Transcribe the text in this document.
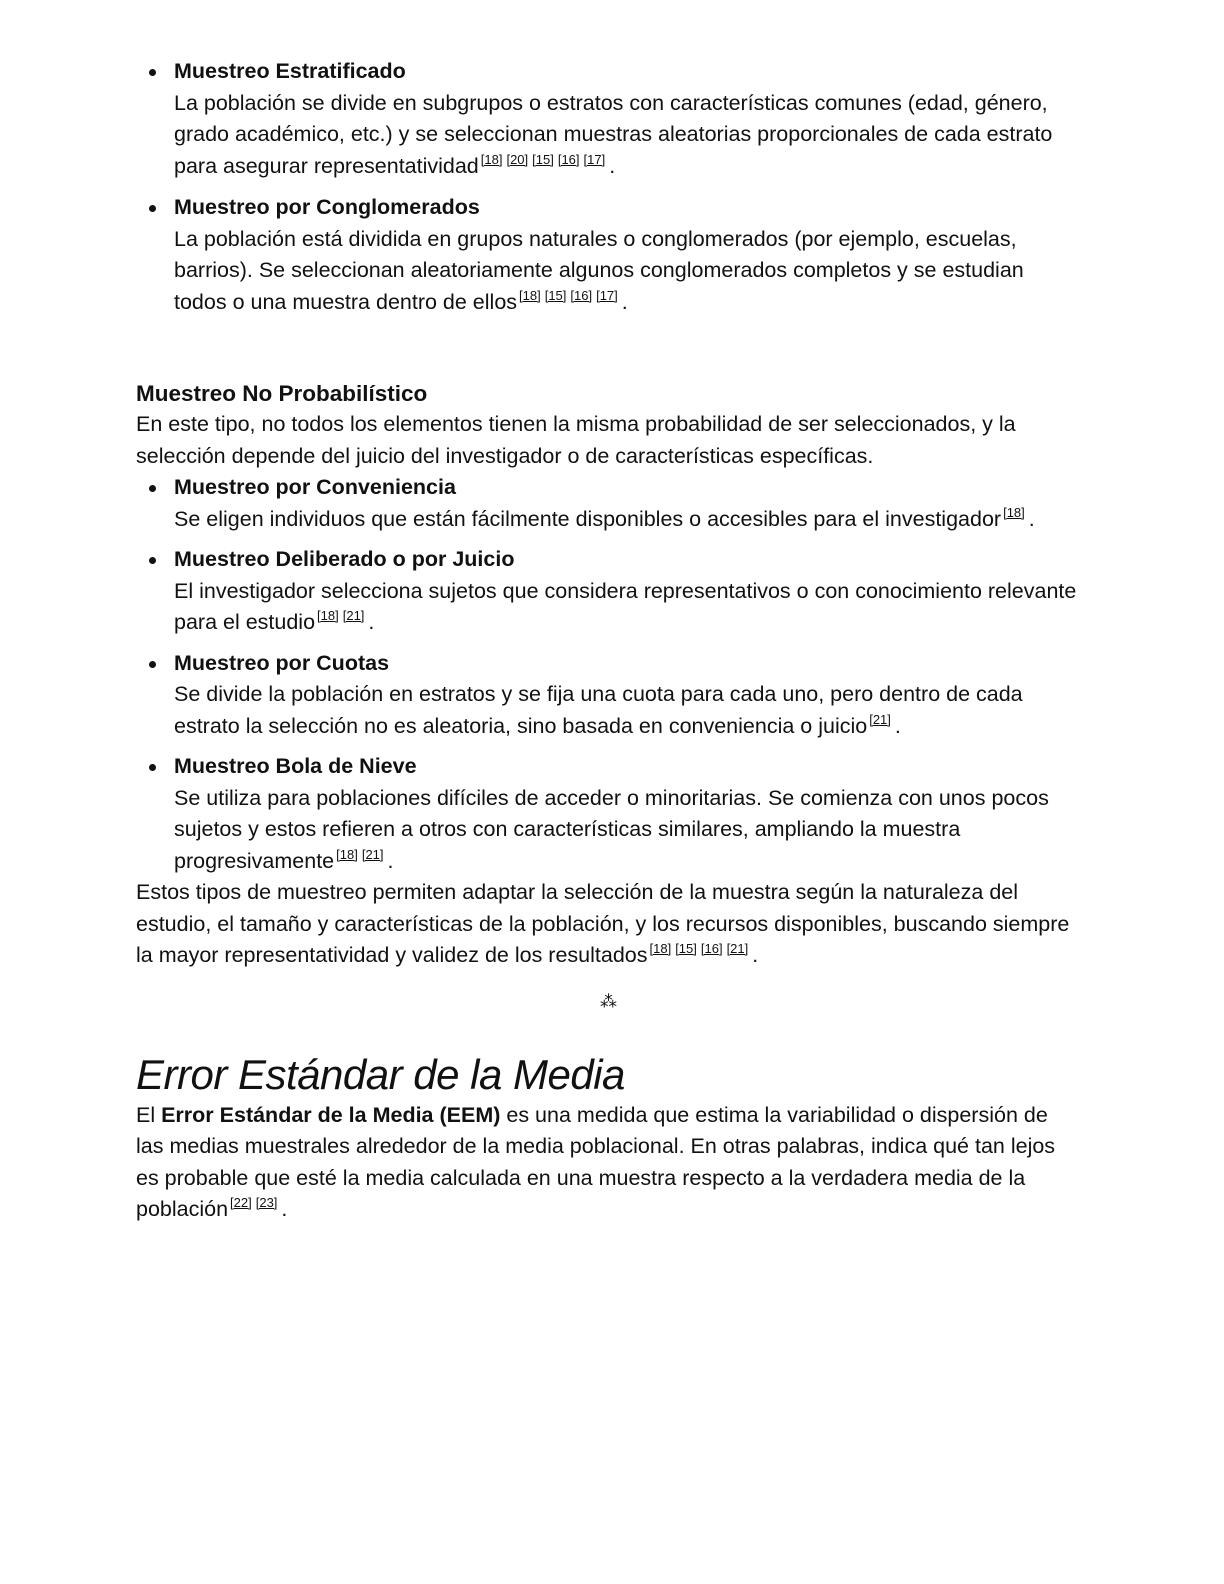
Muestreo Estratificado
La población se divide en subgrupos o estratos con características comunes (edad, género, grado académico, etc.) y se seleccionan muestras aleatorias proporcionales de cada estrato para asegurar representatividad [18] [20] [15] [16] [17] .
Muestreo por Conglomerados
La población está dividida en grupos naturales o conglomerados (por ejemplo, escuelas, barrios). Se seleccionan aleatoriamente algunos conglomerados completos y se estudian todos o una muestra dentro de ellos [18] [15] [16] [17] .
Muestreo No Probabilístico

En este tipo, no todos los elementos tienen la misma probabilidad de ser seleccionados, y la selección depende del juicio del investigador o de características específicas.

Muestreo por Conveniencia
Se eligen individuos que están fácilmente disponibles o accesibles para el investigador [18] .
Muestreo Deliberado o por Juicio
El investigador selecciona sujetos que considera representativos o con conocimiento relevante para el estudio [18] [21] .
Muestreo por Cuotas
Se divide la población en estratos y se fija una cuota para cada uno, pero dentro de cada estrato la selección no es aleatoria, sino basada en conveniencia o juicio [21] .
Muestreo Bola de Nieve
Se utiliza para poblaciones difíciles de acceder o minoritarias. Se comienza con unos pocos sujetos y estos refieren a otros con características similares, ampliando la muestra progresivamente [18] [21] .

Estos tipos de muestreo permiten adaptar la selección de la muestra según la naturaleza del estudio, el tamaño y características de la población, y los recursos disponibles, buscando siempre la mayor representatividad y validez de los resultados [18] [15] [16] [21] .

⁂
Error Estándar de la Media

El Error Estándar de la Media (EEM) es una medida que estima la variabilidad o dispersión de las medias muestrales alrededor de la media poblacional. En otras palabras, indica qué tan lejos es probable que esté la media calculada en una muestra respecto a la verdadera media de la población [22] [23] .
